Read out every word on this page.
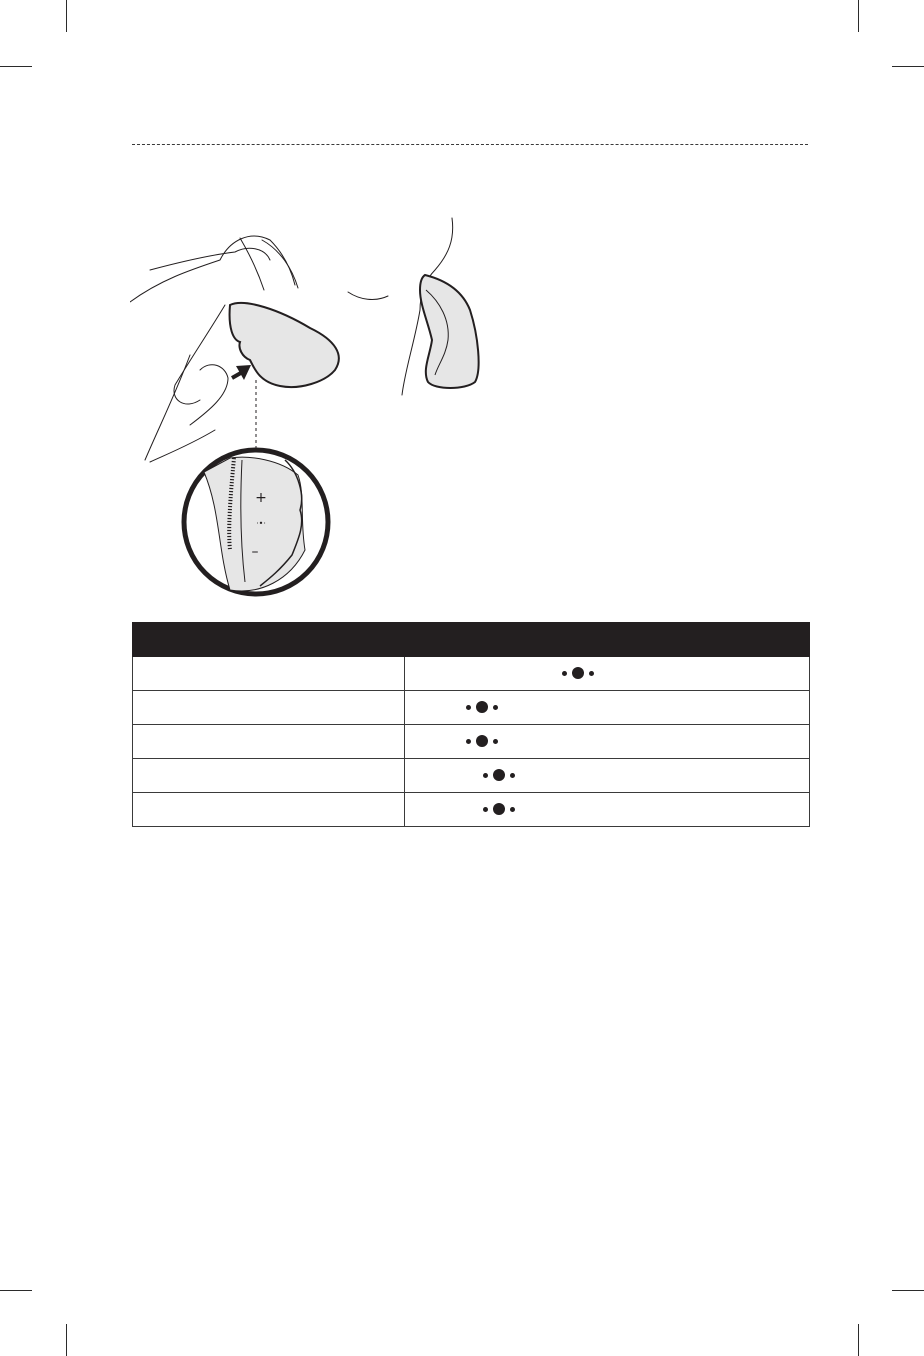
+
·•·
–
